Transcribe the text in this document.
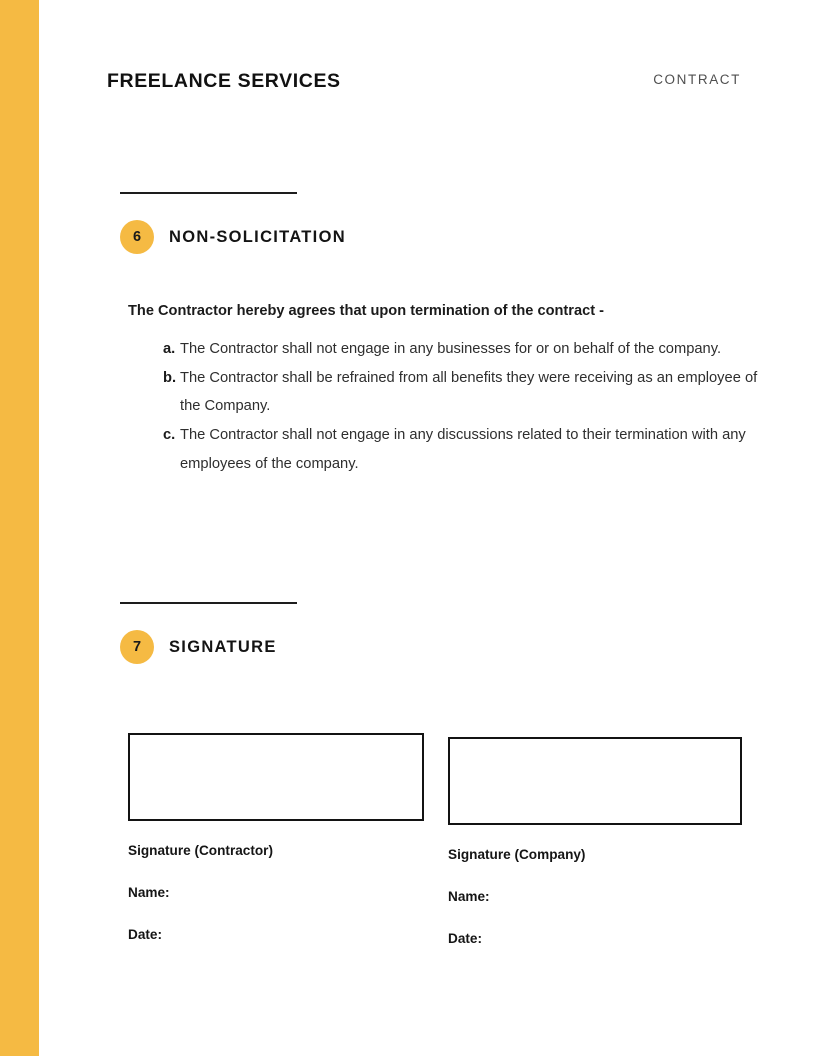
FREELANCE SERVICES	CONTRACT
6	NON-SOLICITATION
The Contractor hereby agrees that upon termination of the contract -
a. The Contractor shall not engage in any businesses for or on behalf of the company.
b. The Contractor shall be refrained from all benefits they were receiving as an employee of the Company.
c. The Contractor shall not engage in any discussions related to their termination with any employees of the company.
7	SIGNATURE
Signature (Contractor)
Name:
Date:
Signature (Company)
Name:
Date:
